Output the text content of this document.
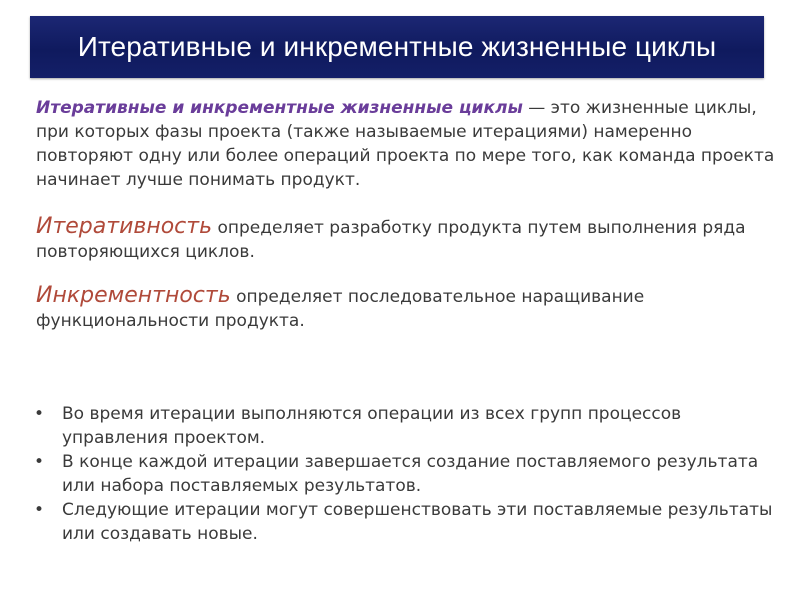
Итеративные и инкрементные жизненные циклы

Итеративные и инкрементные жизненные циклы — это жизненные циклы, при которых фазы проекта (также называемые итерациями) намеренно повторяют одну или более операций проекта по мере того, как команда проекта начинает лучше понимать продукт.

Итеративность определяет разработку продукта путем выполнения ряда повторяющихся циклов.

Инкрементность определяет последовательное наращивание функциональности продукта.

• Во время итерации выполняются операции из всех групп процессов управления проектом.
• В конце каждой итерации завершается создание поставляемого результата или набора поставляемых результатов.
• Следующие итерации могут совершенствовать эти поставляемые результаты или создавать новые.
